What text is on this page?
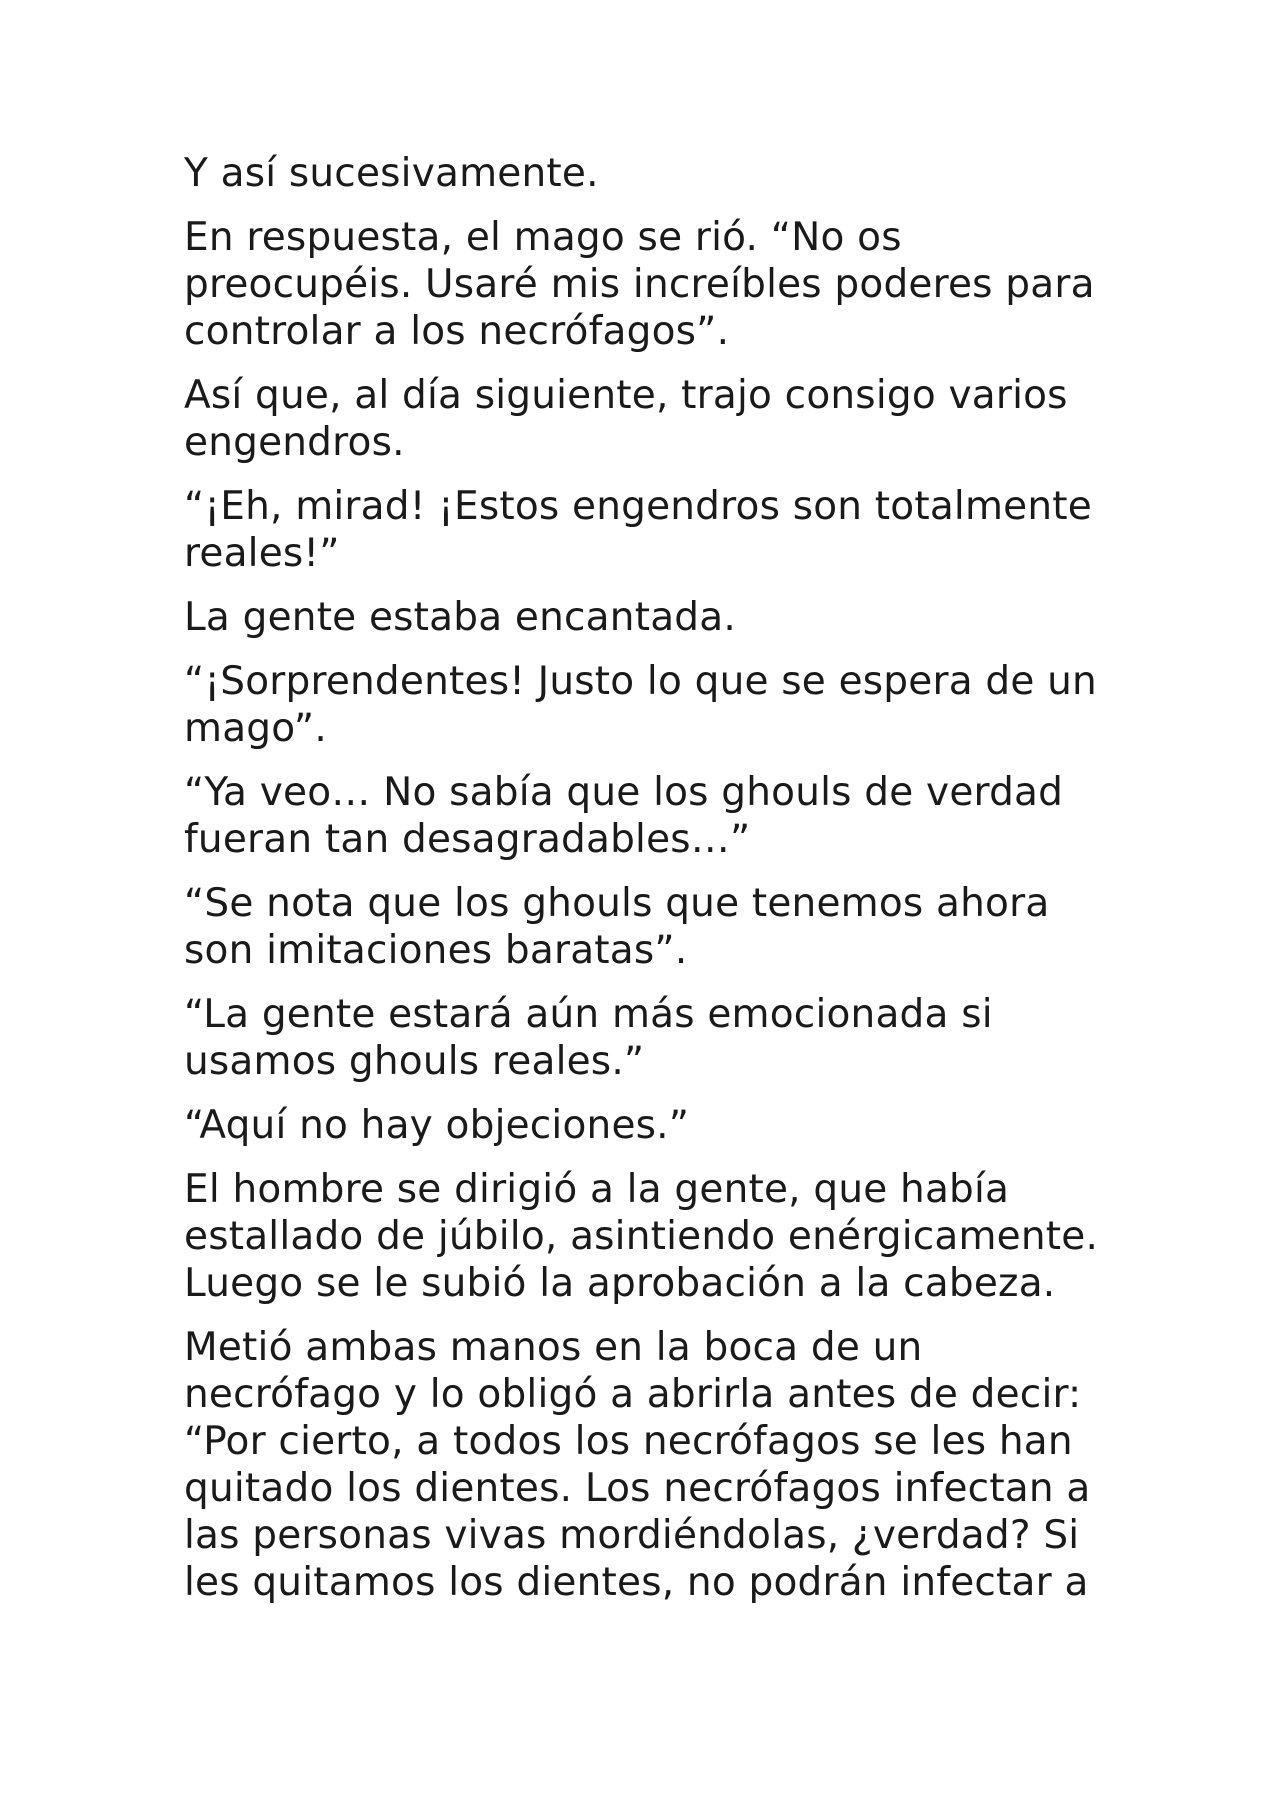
Y así sucesivamente.

En respuesta, el mago se rió. “No os
preocupéis. Usaré mis increíbles poderes para
controlar a los necrófagos”.

Así que, al día siguiente, trajo consigo varios
engendros.

“¡Eh, mirad! ¡Estos engendros son totalmente
reales!”

La gente estaba encantada.

“¡Sorprendentes! Justo lo que se espera de un
mago”.

“Ya veo… No sabía que los ghouls de verdad
fueran tan desagradables…”

“Se nota que los ghouls que tenemos ahora
son imitaciones baratas”.

“La gente estará aún más emocionada si
usamos ghouls reales.”

“Aquí no hay objeciones.”

El hombre se dirigió a la gente, que había
estallado de júbilo, asintiendo enérgicamente.
Luego se le subió la aprobación a la cabeza.

Metió ambas manos en la boca de un
necrófago y lo obligó a abrirla antes de decir:
“Por cierto, a todos los necrófagos se les han
quitado los dientes. Los necrófagos infectan a
las personas vivas mordiéndolas, ¿verdad? Si
les quitamos los dientes, no podrán infectar a
